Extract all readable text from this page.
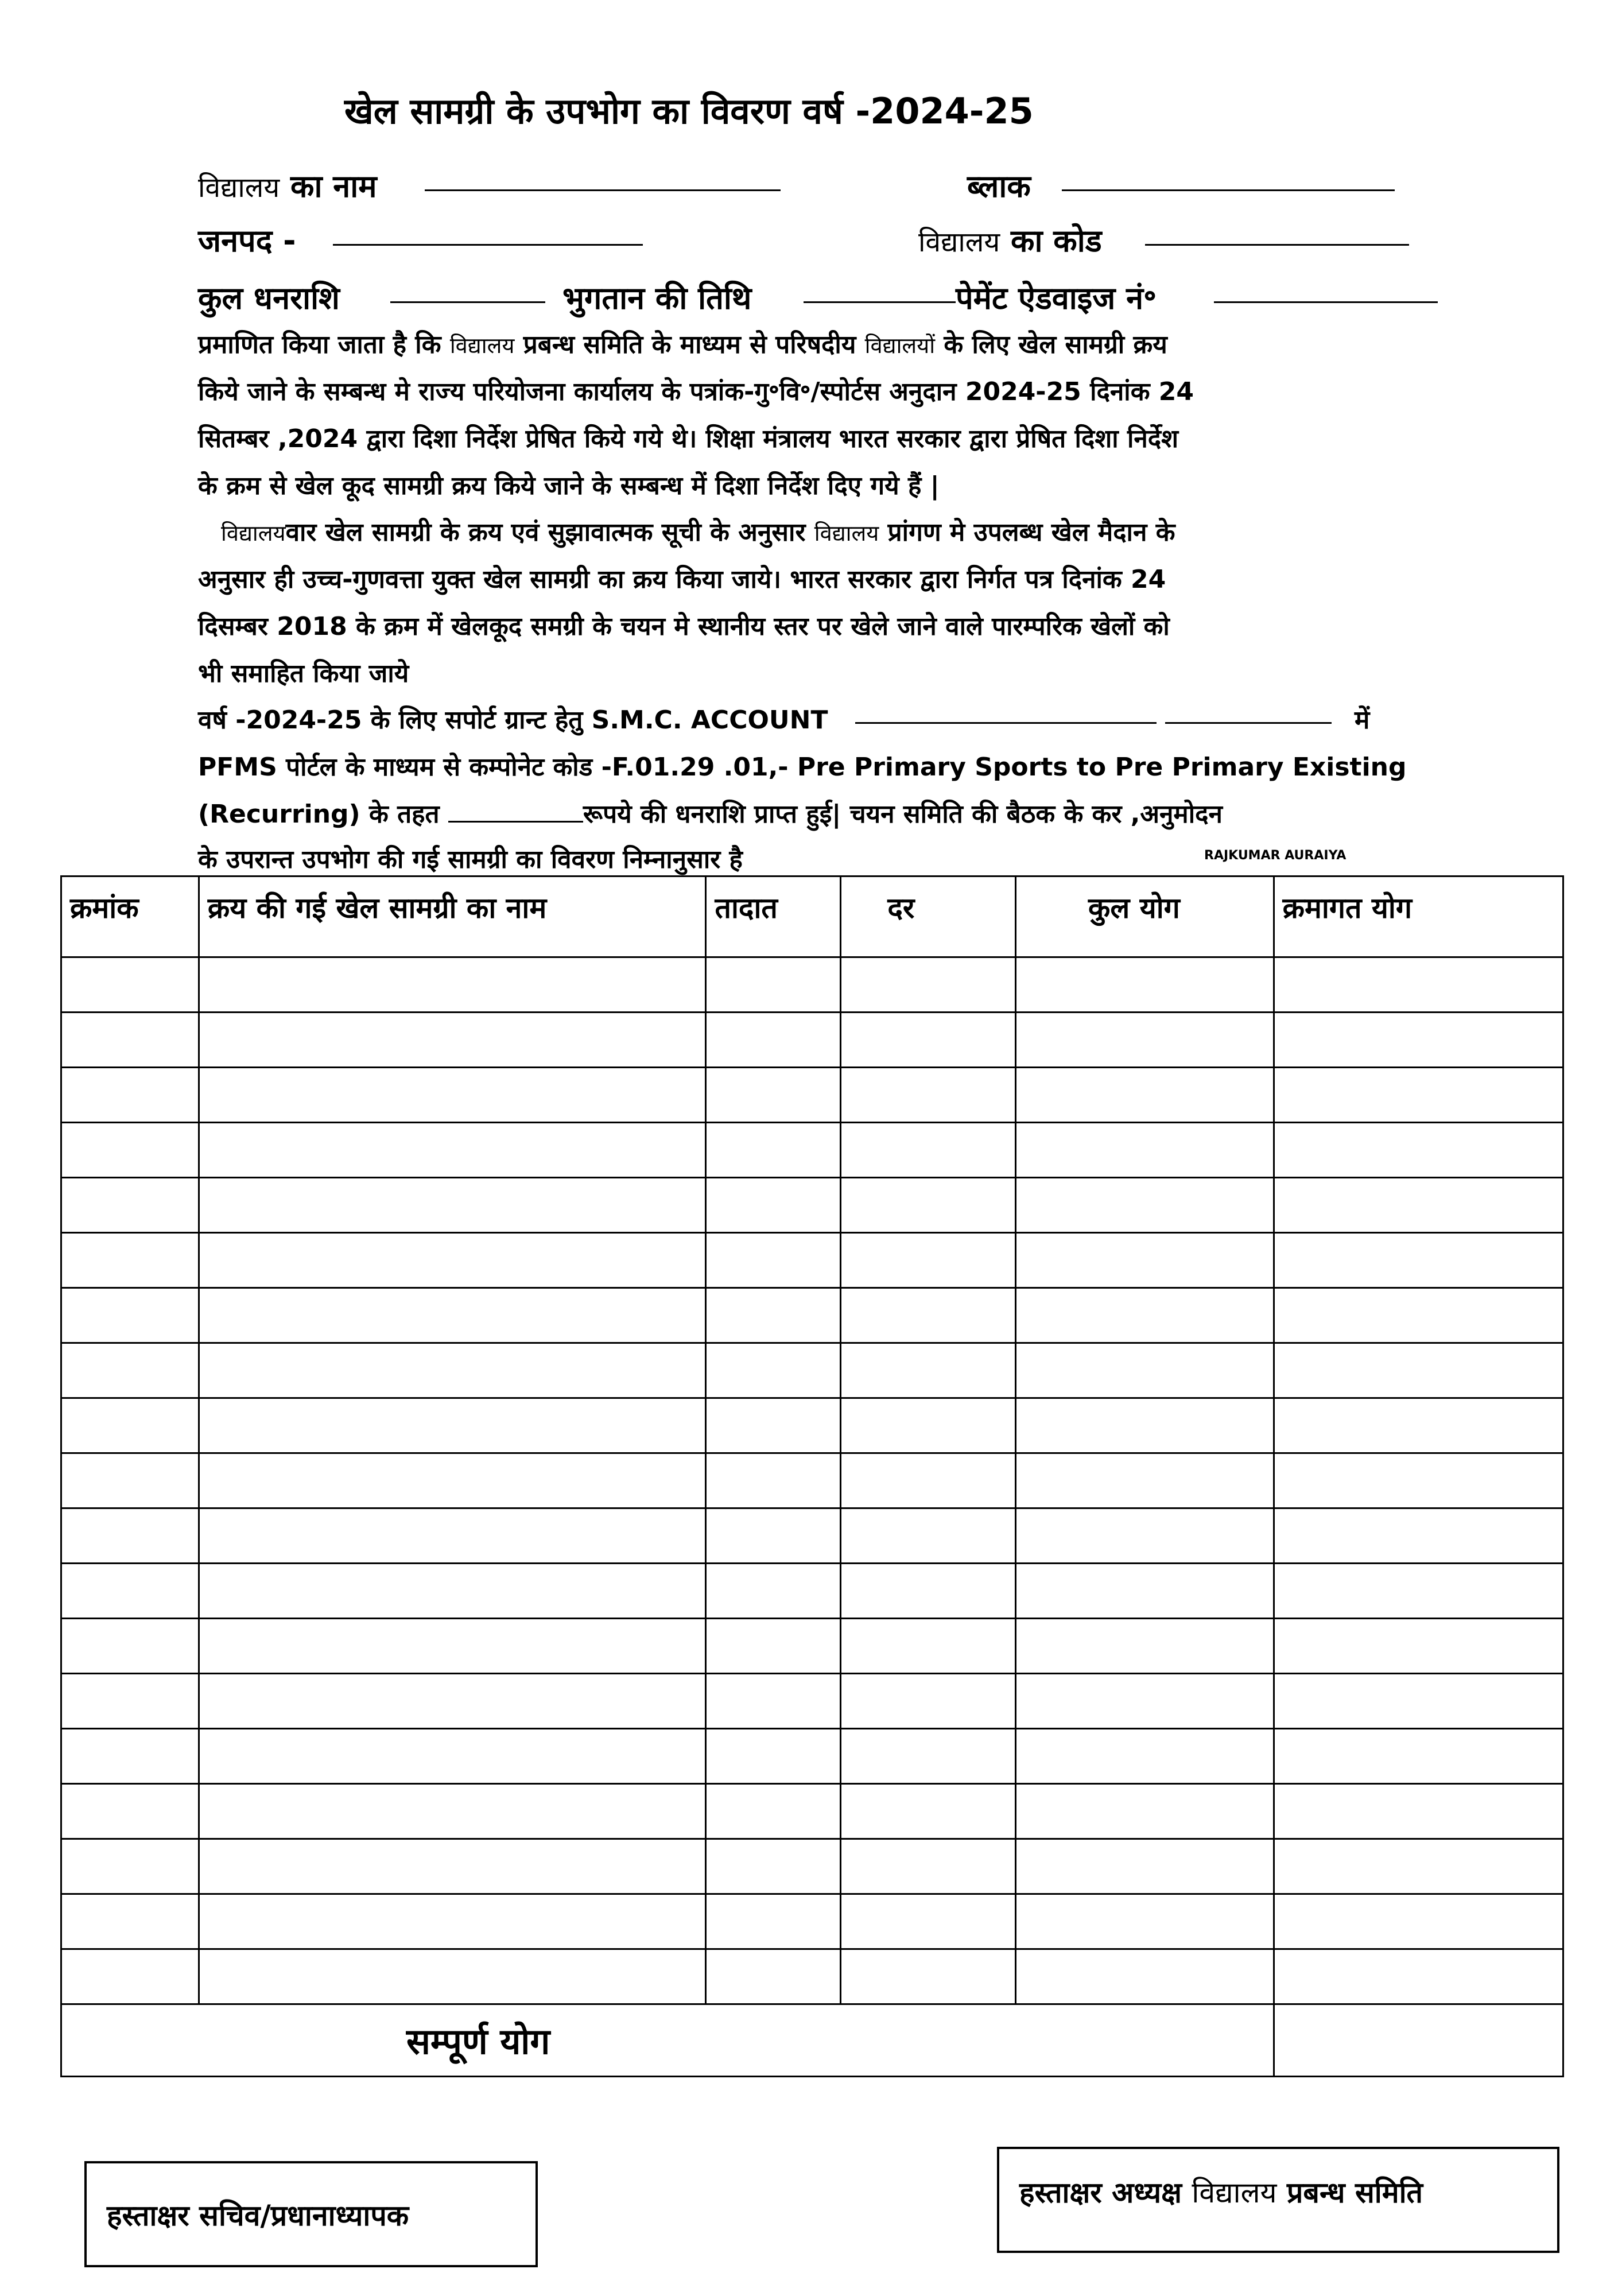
खेल सामग्री के उपभोग का विवरण वर्ष -2024-25
विद्यालय का नाम	ब्लाक
जनपद -	विद्यालय का कोड
कुल धनराशि	भुगतान की तिथि	पेमेंट ऐडवाइज नं॰
प्रमाणित किया जाता है कि विद्यालय प्रबन्ध समिति के माध्यम से परिषदीय विद्यालयों के लिए खेल सामग्री क्रय
किये जाने के सम्बन्ध मे राज्य परियोजना कार्यालय के पत्रांक-गु॰वि॰/स्पोर्टस अनुदान 2024-25 दिनांक 24
सितम्बर ,2024 द्वारा दिशा निर्देश प्रेषित किये गये थे। शिक्षा मंत्रालय भारत सरकार द्वारा प्रेषित दिशा निर्देश
के क्रम से खेल कूद सामग्री क्रय किये जाने के सम्बन्ध में दिशा निर्देश दिए गये हैं |
विद्यालयवार खेल सामग्री के क्रय एवं सुझावात्मक सूची के अनुसार विद्यालय प्रांगण मे उपलब्ध खेल मैदान के
अनुसार ही उच्च-गुणवत्ता युक्त खेल सामग्री का क्रय किया जाये। भारत सरकार द्वारा निर्गत पत्र दिनांक 24
दिसम्बर 2018 के क्रम में खेलकूद समग्री के चयन मे स्थानीय स्तर पर खेले जाने वाले पारम्परिक खेलों को
भी समाहित किया जाये
वर्ष -2024-25 के लिए सपोर्ट ग्रान्ट हेतु S.M.C. ACCOUNT	में
PFMS पोर्टल के माध्यम से कम्पोनेट कोड -F.01.29 .01,- Pre Primary Sports to Pre Primary Existing
(Recurring) के तहत	रूपये की धनराशि प्राप्त हुई| चयन समिति की बैठक के कर ,अनुमोदन
के उपरान्त उपभोग की गई सामग्री का विवरण निम्नानुसार है	RAJKUMAR AURAIYA
क्रमांक	क्रय की गई खेल सामग्री का नाम	तादात	दर	कुल योग	क्रमागत योग

सम्पूर्ण योग					
हस्ताक्षर सचिव/प्रधानाध्यापक
हस्ताक्षर अध्यक्ष विद्यालय प्रबन्ध समिति
